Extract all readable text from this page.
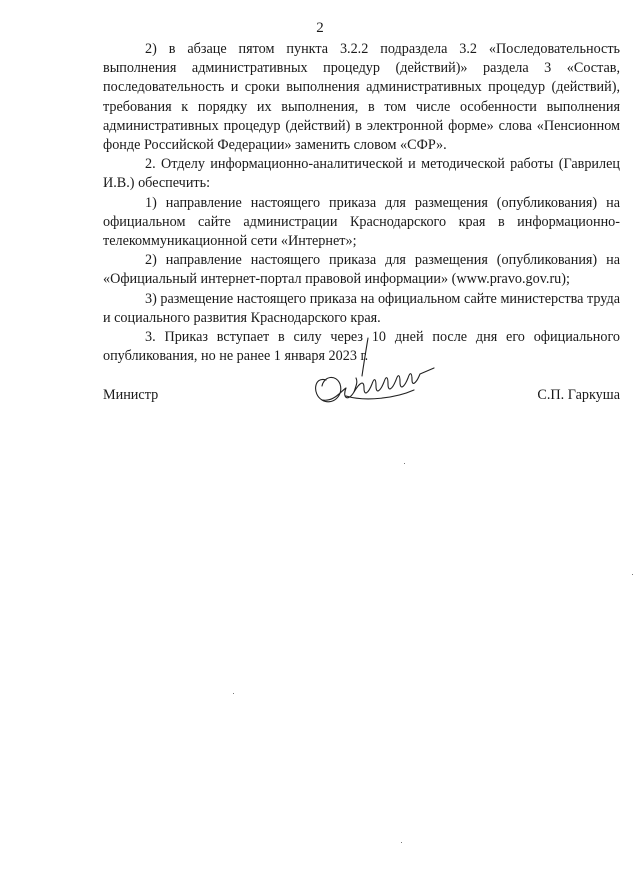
2

2) в абзаце пятом пункта 3.2.2 подраздела 3.2 «Последовательность выполнения административных процедур (действий)» раздела 3 «Состав, последовательность и сроки выполнения административных процедур (действий), требования к порядку их выполнения, в том числе особенности выполнения административных процедур (действий) в электронной форме» слова «Пенсионном фонде Российской Федерации» заменить словом «СФР».

2. Отделу информационно-аналитической и методической работы (Гаврилец И.В.) обеспечить:

1) направление настоящего приказа для размещения (опубликования) на официальном сайте администрации Краснодарского края в информационно-телекоммуникационной сети «Интернет»;

2) направление настоящего приказа для размещения (опубликования) на «Официальный интернет-портал правовой информации» (www.pravo.gov.ru);

3) размещение настоящего приказа на официальном сайте министерства труда и социального развития Краснодарского края.

3. Приказ вступает в силу через 10 дней после дня его официального опубликования, но не ранее 1 января 2023 г.

Министр	С.П. Гаркуша
